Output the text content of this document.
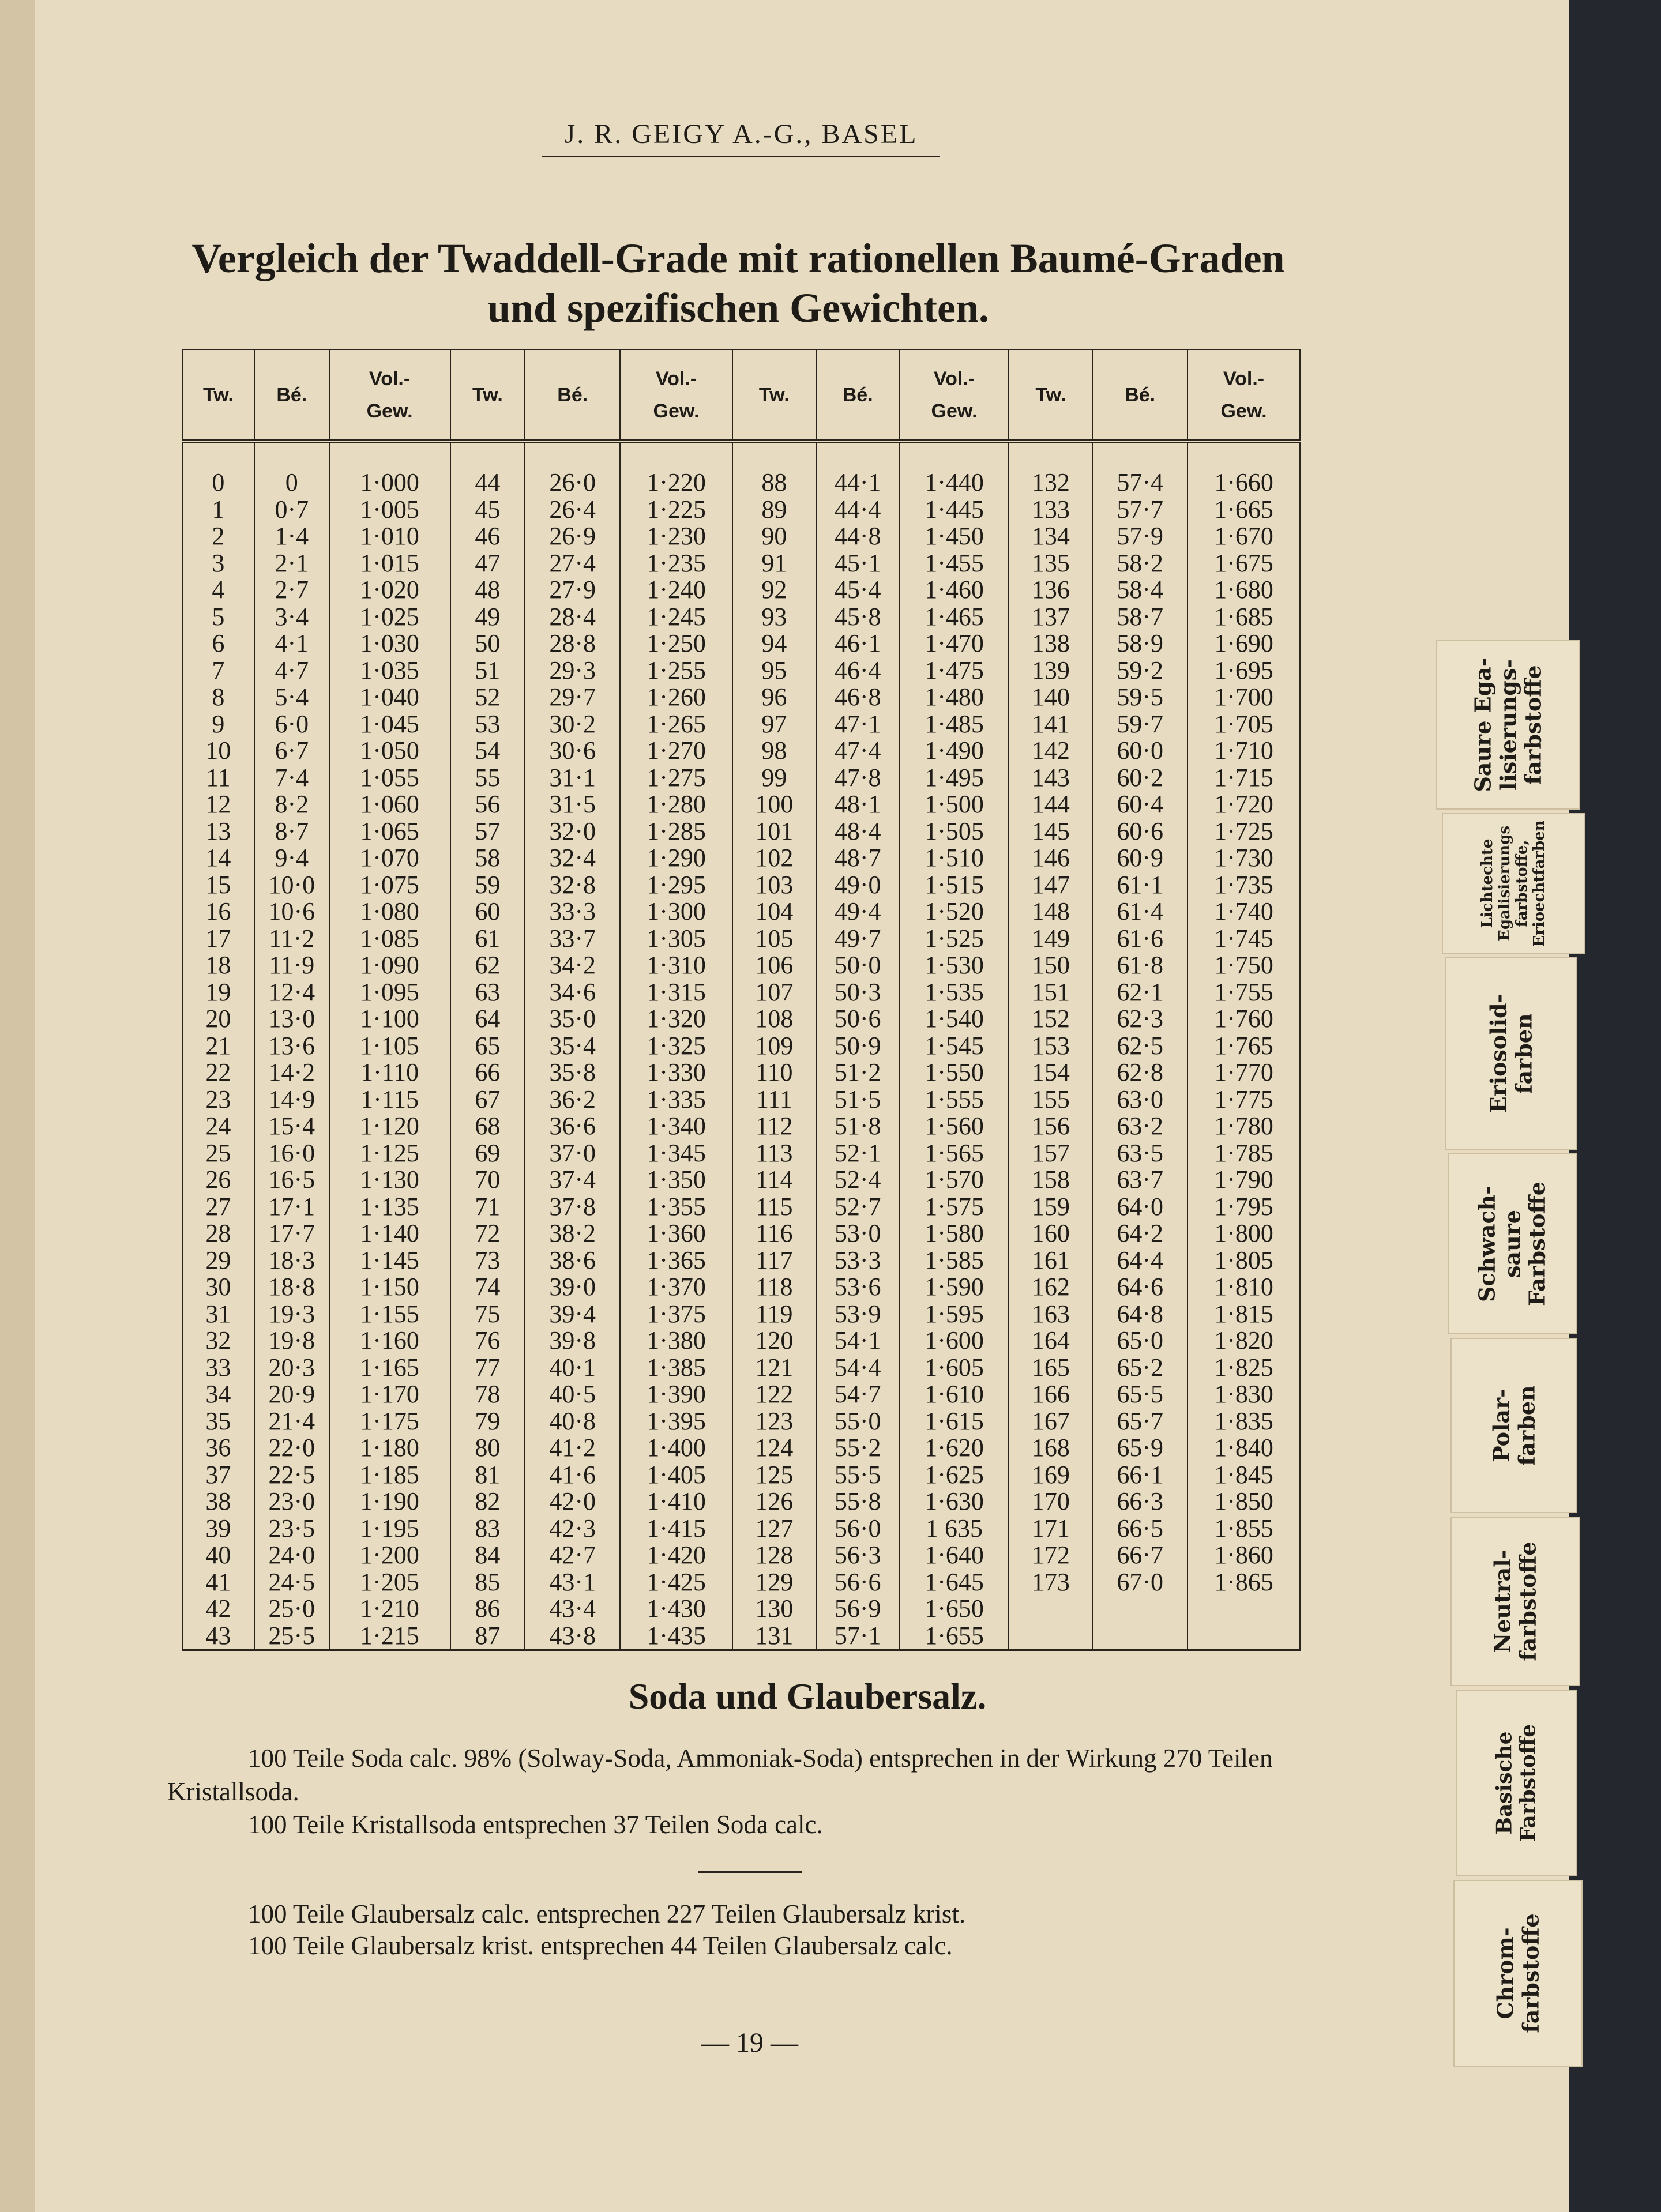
J. R. GEIGY A.-G., BASEL
Vergleich der Twaddell-Grade mit rationellen Baumé-Graden
und spezifischen Gewichten.
Tw.	Bé.	Vol.-
Gew.	Tw.	Bé.	Vol.-
Gew.	Tw.	Bé.	Vol.-
Gew.	Tw.	Bé.	Vol.-
Gew.

0	0	1·000	44	26·0	1·220	88	44·1	1·440	132	57·4	1·660
1	0·7	1·005	45	26·4	1·225	89	44·4	1·445	133	57·7	1·665
2	1·4	1·010	46	26·9	1·230	90	44·8	1·450	134	57·9	1·670
3	2·1	1·015	47	27·4	1·235	91	45·1	1·455	135	58·2	1·675
4	2·7	1·020	48	27·9	1·240	92	45·4	1·460	136	58·4	1·680
5	3·4	1·025	49	28·4	1·245	93	45·8	1·465	137	58·7	1·685
6	4·1	1·030	50	28·8	1·250	94	46·1	1·470	138	58·9	1·690
7	4·7	1·035	51	29·3	1·255	95	46·4	1·475	139	59·2	1·695
8	5·4	1·040	52	29·7	1·260	96	46·8	1·480	140	59·5	1·700
9	6·0	1·045	53	30·2	1·265	97	47·1	1·485	141	59·7	1·705
10	6·7	1·050	54	30·6	1·270	98	47·4	1·490	142	60·0	1·710
11	7·4	1·055	55	31·1	1·275	99	47·8	1·495	143	60·2	1·715
12	8·2	1·060	56	31·5	1·280	100	48·1	1·500	144	60·4	1·720
13	8·7	1·065	57	32·0	1·285	101	48·4	1·505	145	60·6	1·725
14	9·4	1·070	58	32·4	1·290	102	48·7	1·510	146	60·9	1·730
15	10·0	1·075	59	32·8	1·295	103	49·0	1·515	147	61·1	1·735
16	10·6	1·080	60	33·3	1·300	104	49·4	1·520	148	61·4	1·740
17	11·2	1·085	61	33·7	1·305	105	49·7	1·525	149	61·6	1·745
18	11·9	1·090	62	34·2	1·310	106	50·0	1·530	150	61·8	1·750
19	12·4	1·095	63	34·6	1·315	107	50·3	1·535	151	62·1	1·755
20	13·0	1·100	64	35·0	1·320	108	50·6	1·540	152	62·3	1·760
21	13·6	1·105	65	35·4	1·325	109	50·9	1·545	153	62·5	1·765
22	14·2	1·110	66	35·8	1·330	110	51·2	1·550	154	62·8	1·770
23	14·9	1·115	67	36·2	1·335	111	51·5	1·555	155	63·0	1·775
24	15·4	1·120	68	36·6	1·340	112	51·8	1·560	156	63·2	1·780
25	16·0	1·125	69	37·0	1·345	113	52·1	1·565	157	63·5	1·785
26	16·5	1·130	70	37·4	1·350	114	52·4	1·570	158	63·7	1·790
27	17·1	1·135	71	37·8	1·355	115	52·7	1·575	159	64·0	1·795
28	17·7	1·140	72	38·2	1·360	116	53·0	1·580	160	64·2	1·800
29	18·3	1·145	73	38·6	1·365	117	53·3	1·585	161	64·4	1·805
30	18·8	1·150	74	39·0	1·370	118	53·6	1·590	162	64·6	1·810
31	19·3	1·155	75	39·4	1·375	119	53·9	1·595	163	64·8	1·815
32	19·8	1·160	76	39·8	1·380	120	54·1	1·600	164	65·0	1·820
33	20·3	1·165	77	40·1	1·385	121	54·4	1·605	165	65·2	1·825
34	20·9	1·170	78	40·5	1·390	122	54·7	1·610	166	65·5	1·830
35	21·4	1·175	79	40·8	1·395	123	55·0	1·615	167	65·7	1·835
36	22·0	1·180	80	41·2	1·400	124	55·2	1·620	168	65·9	1·840
37	22·5	1·185	81	41·6	1·405	125	55·5	1·625	169	66·1	1·845
38	23·0	1·190	82	42·0	1·410	126	55·8	1·630	170	66·3	1·850
39	23·5	1·195	83	42·3	1·415	127	56·0	1 635	171	66·5	1·855
40	24·0	1·200	84	42·7	1·420	128	56·3	1·640	172	66·7	1·860
41	24·5	1·205	85	43·1	1·425	129	56·6	1·645	173	67·0	1·865
42	25·0	1·210	86	43·4	1·430	130	56·9	1·650			
43	25·5	1·215	87	43·8	1·435	131	57·1	1·655			
Soda und Glaubersalz.
100 Teile Soda calc. 98% (Solway-Soda, Ammoniak-Soda) entsprechen in der Wirkung 270 Teilen Kristallsoda.
100 Teile Kristallsoda entsprechen 37 Teilen Soda calc.
100 Teile Glaubersalz calc. entsprechen 227 Teilen Glaubersalz krist.
100 Teile Glaubersalz krist. entsprechen 44 Teilen Glaubersalz calc.
— 19 —
Saure Ega-
lisierungs-
farbstoffe
Lichtechte Egalisierungs farbstoffe, Erioechtfarben
Eriosolid-
farben
Schwach-
saure
Farbstoffe
Polar-
farben
Neutral-
farbstoffe
Basische Farbstoffe
Chrom-
farbstoffe
